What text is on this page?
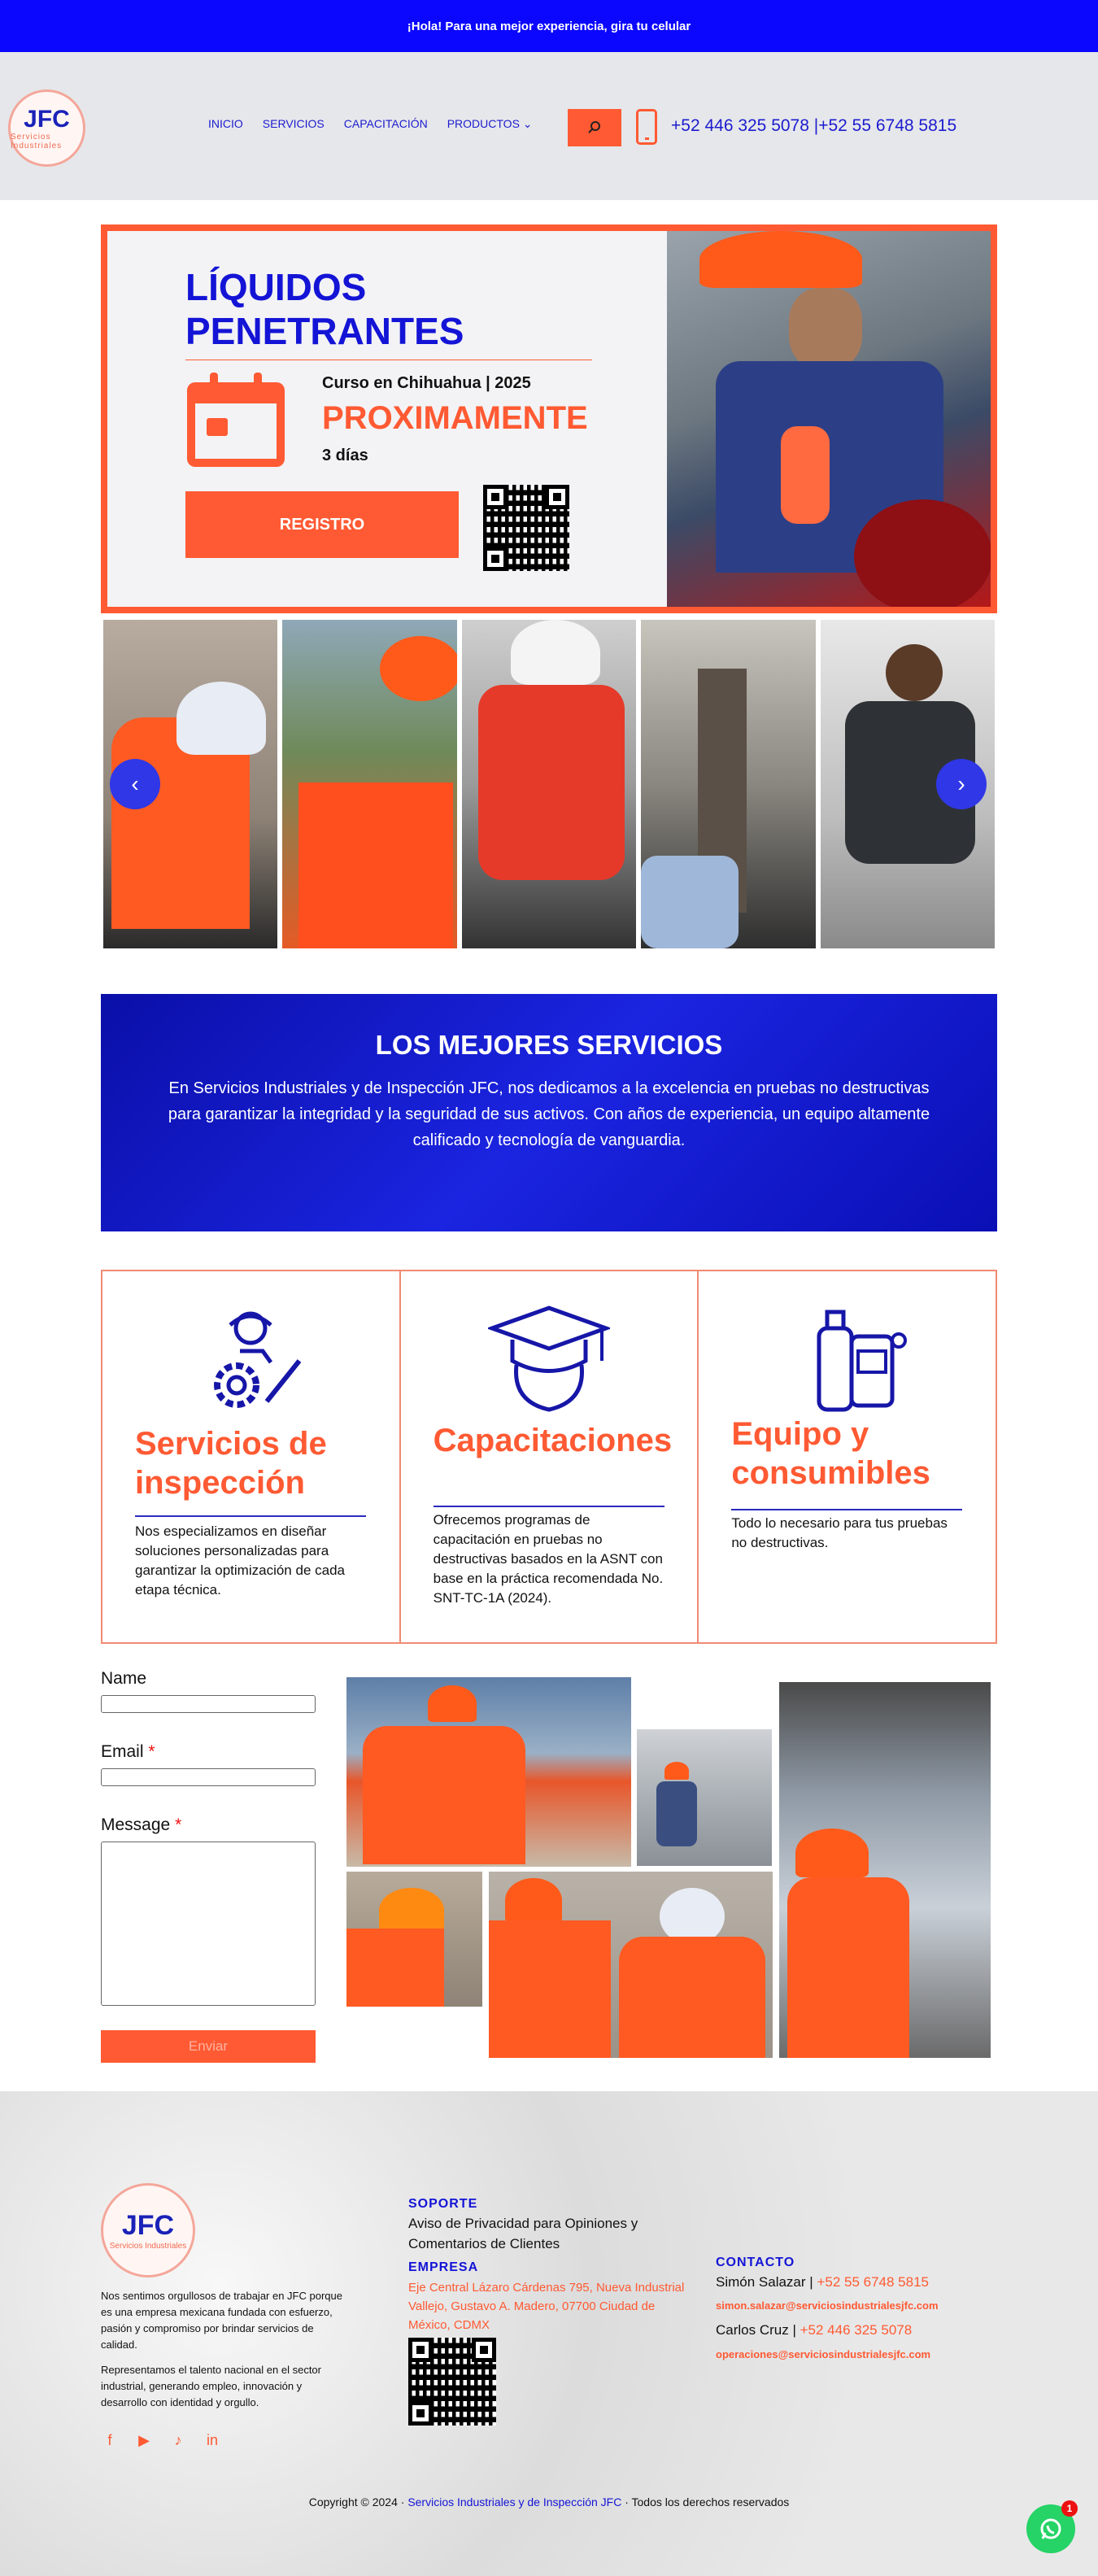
¡Hola! Para una mejor experiencia, gira tu celular
JFC
Servicios Industriales
INICIO SERVICIOS CAPACITACIÓN PRODUCTOS ⌄	+52 446 325 5078 |+52 55 6748 5815
LÍQUIDOS PENETRANTES
Curso en Chihuahua | 2025
PROXIMAMENTE
3 días
REGISTRO
‹	›
LOS MEJORES SERVICIOS

En Servicios Industriales y de Inspección JFC, nos dedicamos a la excelencia en pruebas no destructivas para garantizar la integridad y la seguridad de sus activos. Con años de experiencia, un equipo altamente calificado y tecnología de vanguardia.

Servicios de inspección
Nos especializamos en diseñar soluciones personalizadas para garantizar la optimización de cada etapa técnica.
Capacitaciones
Ofrecemos programas de capacitación en pruebas no destructivas basados en la ASNT con base en la práctica recomendada No. SNT-TC-1A (2024).
Equipo y consumibles
Todo lo necesario para tus pruebas no destructivas.
Name
Email *
Message *
Enviar
JFC
Servicios Industriales
Nos sentimos orgullosos de trabajar en JFC porque es una empresa mexicana fundada con esfuerzo, pasión y compromiso por brindar servicios de calidad.
Representamos el talento nacional en el sector industrial, generando empleo, innovación y desarrollo con identidad y orgullo.
f	▶	♪	in
SOPORTE
Aviso de Privacidad para Opiniones y Comentarios de Clientes
EMPRESA
Eje Central Lázaro Cárdenas 795, Nueva Industrial Vallejo, Gustavo A. Madero, 07700 Ciudad de México, CDMX
CONTACTO
Simón Salazar | +52 55 6748 5815
simon.salazar@serviciosindustrialesjfc.com
Carlos Cruz | +52 446 325 5078
operaciones@serviciosindustrialesjfc.com
Copyright © 2024 · Servicios Industriales y de Inspección JFC · Todos los derechos reservados	1
